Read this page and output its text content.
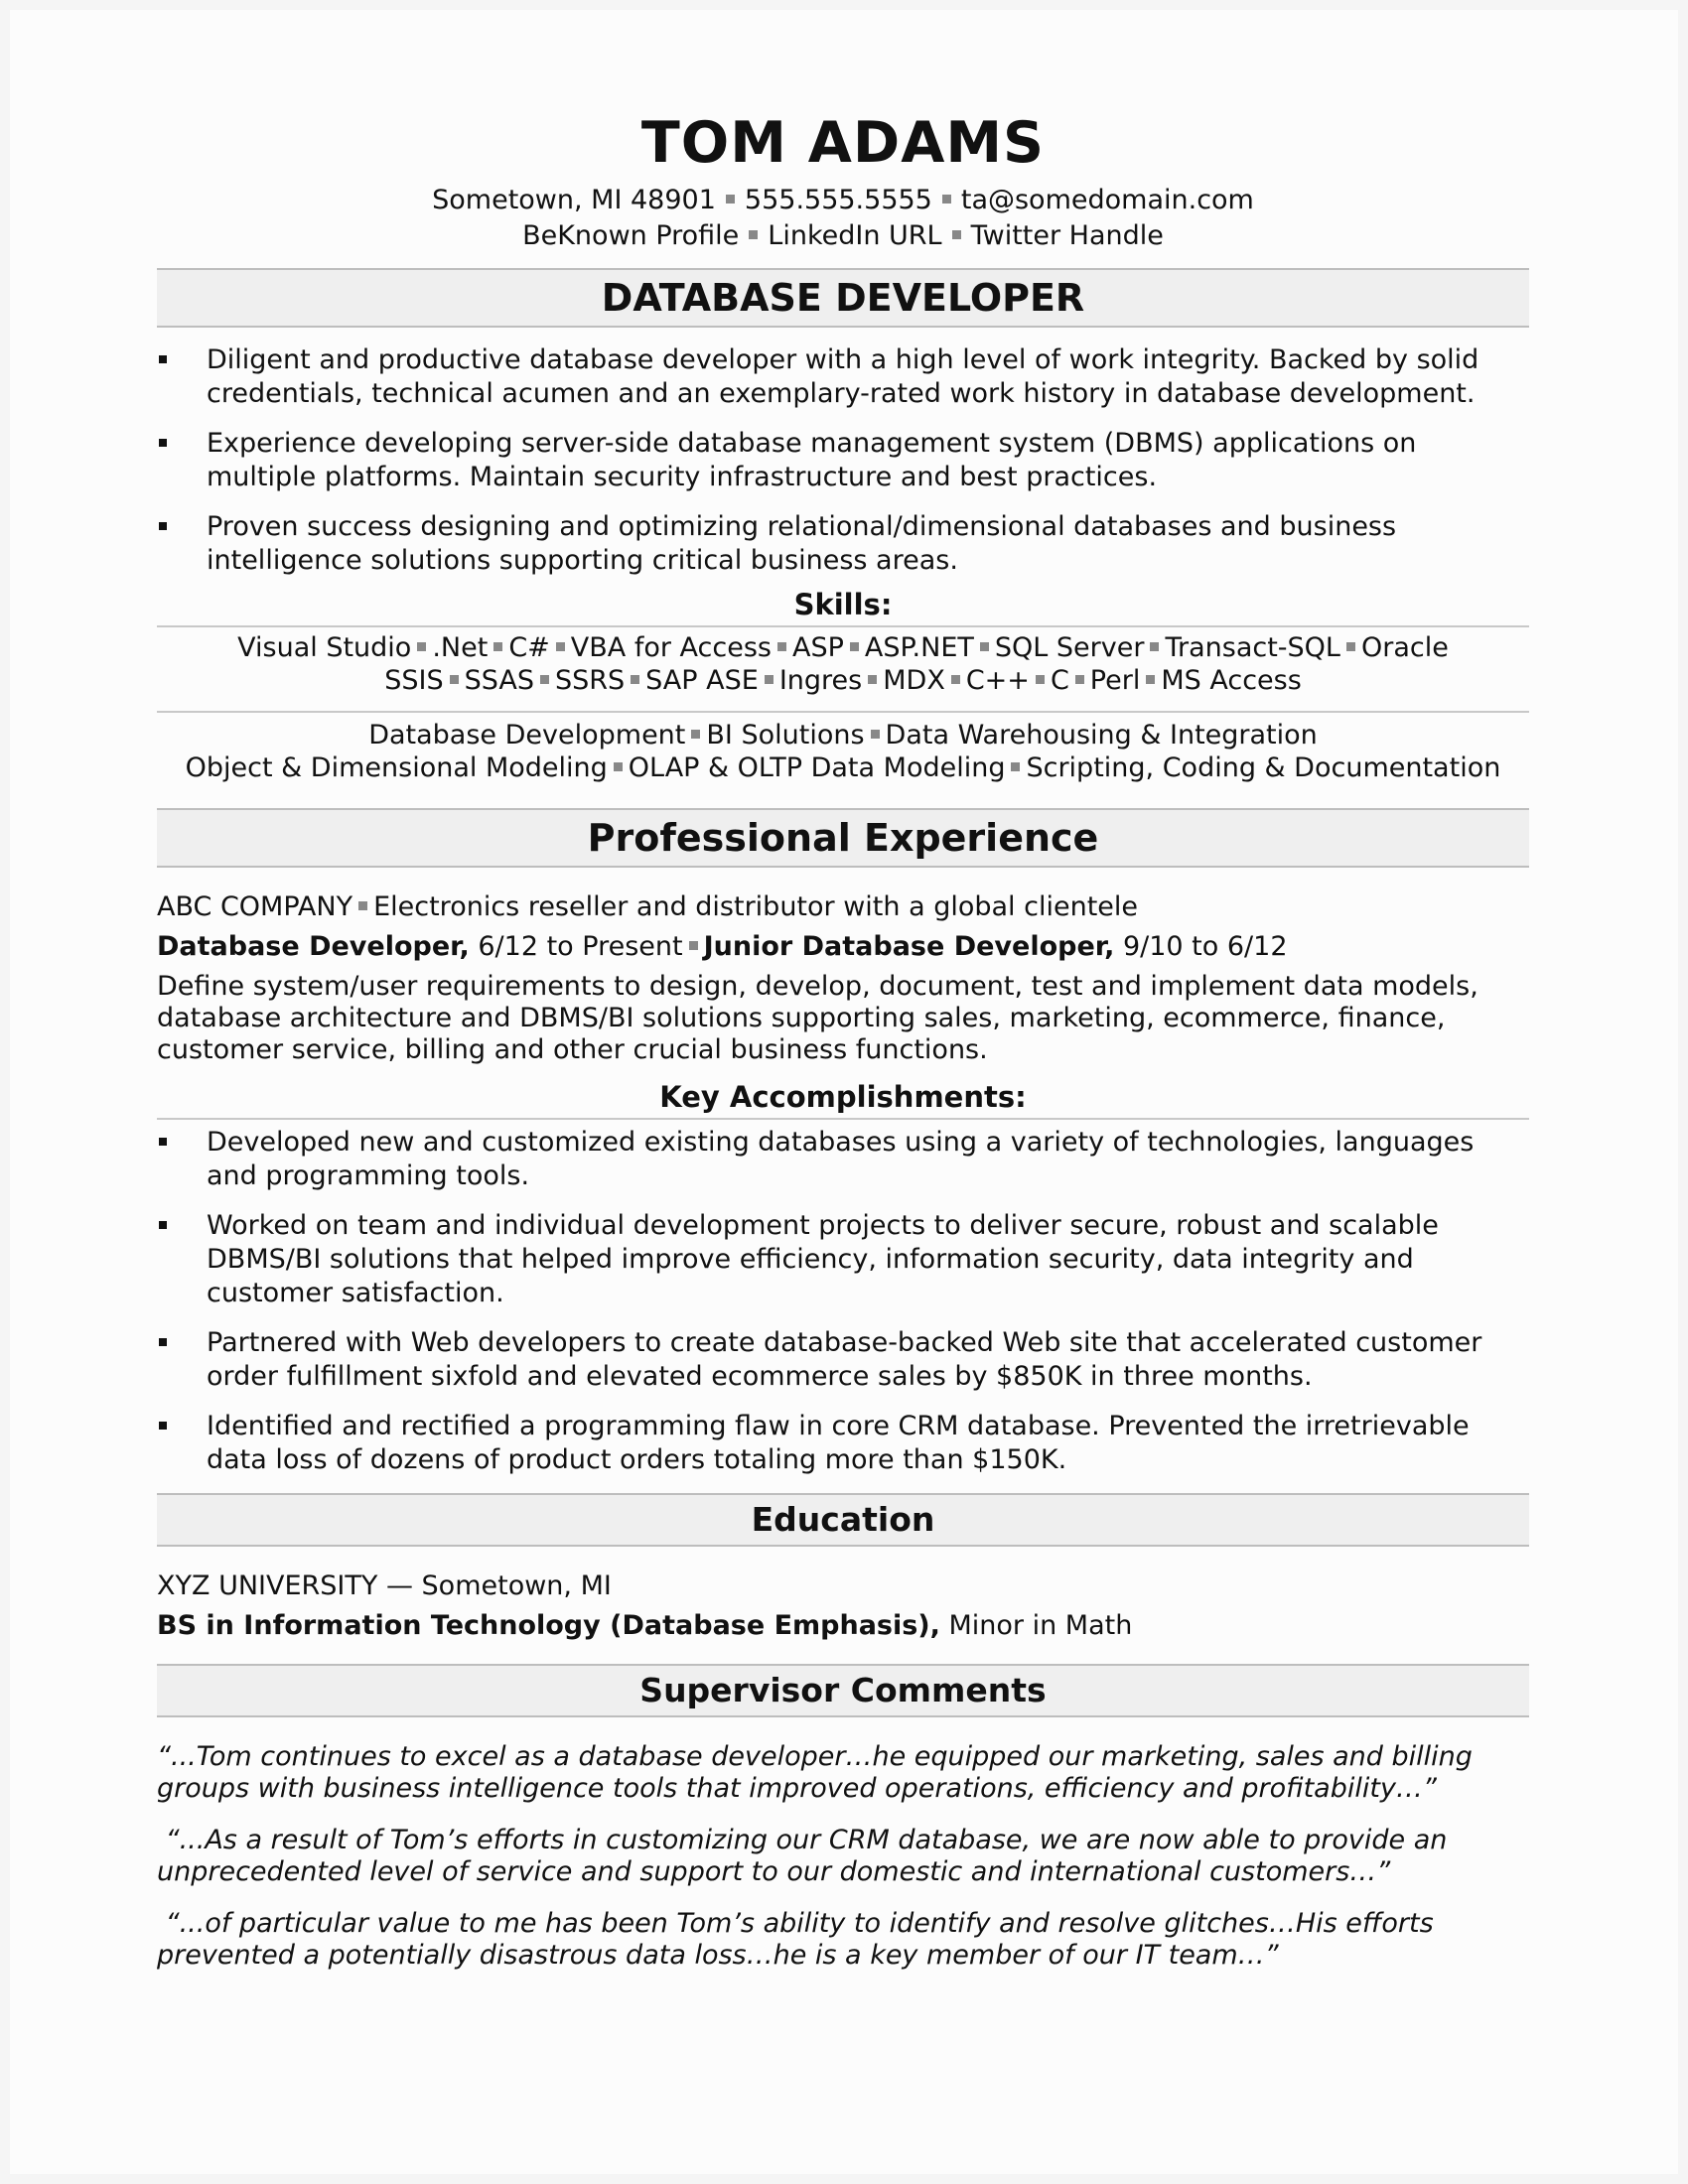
TOM ADAMS
Sometown, MI 48901 555.555.5555 ta@somedomain.com
BeKnown Profile LinkedIn URL Twitter Handle
DATABASE DEVELOPER
Diligent and productive database developer with a high level of work integrity. Backed by solid credentials, technical acumen and an exemplary-rated work history in database development.
Experience developing server-side database management system (DBMS) applications on multiple platforms. Maintain security infrastructure and best practices.
Proven success designing and optimizing relational/dimensional databases and business intelligence solutions supporting critical business areas.
Skills:
Visual Studio .Net C# VBA for Access ASP ASP.NET SQL Server Transact-SQL Oracle
SSIS SSAS SSRS SAP ASE Ingres MDX C++ C Perl MS Access
Database Development BI Solutions Data Warehousing & Integration
Object & Dimensional Modeling OLAP & OLTP Data Modeling Scripting, Coding & Documentation
Professional Experience
ABC COMPANY Electronics reseller and distributor with a global clientele
Database Developer, 6/12 to Present Junior Database Developer, 9/10 to 6/12
Define system/user requirements to design, develop, document, test and implement data models, database architecture and DBMS/BI solutions supporting sales, marketing, ecommerce, finance, customer service, billing and other crucial business functions.
Key Accomplishments:
Developed new and customized existing databases using a variety of technologies, languages and programming tools.
Worked on team and individual development projects to deliver secure, robust and scalable DBMS/BI solutions that helped improve efficiency, information security, data integrity and customer satisfaction.
Partnered with Web developers to create database-backed Web site that accelerated customer order fulfillment sixfold and elevated ecommerce sales by $850K in three months.
Identified and rectified a programming flaw in core CRM database. Prevented the irretrievable data loss of dozens of product orders totaling more than $150K.
Education
XYZ UNIVERSITY — Sometown, MI
BS in Information Technology (Database Emphasis), Minor in Math
Supervisor Comments
“...Tom continues to excel as a database developer…he equipped our marketing, sales and billing groups with business intelligence tools that improved operations, efficiency and profitability…”
“...As a result of Tom’s efforts in customizing our CRM database, we are now able to provide an unprecedented level of service and support to our domestic and international customers…”
“...of particular value to me has been Tom’s ability to identify and resolve glitches…His efforts prevented a potentially disastrous data loss…he is a key member of our IT team…”
